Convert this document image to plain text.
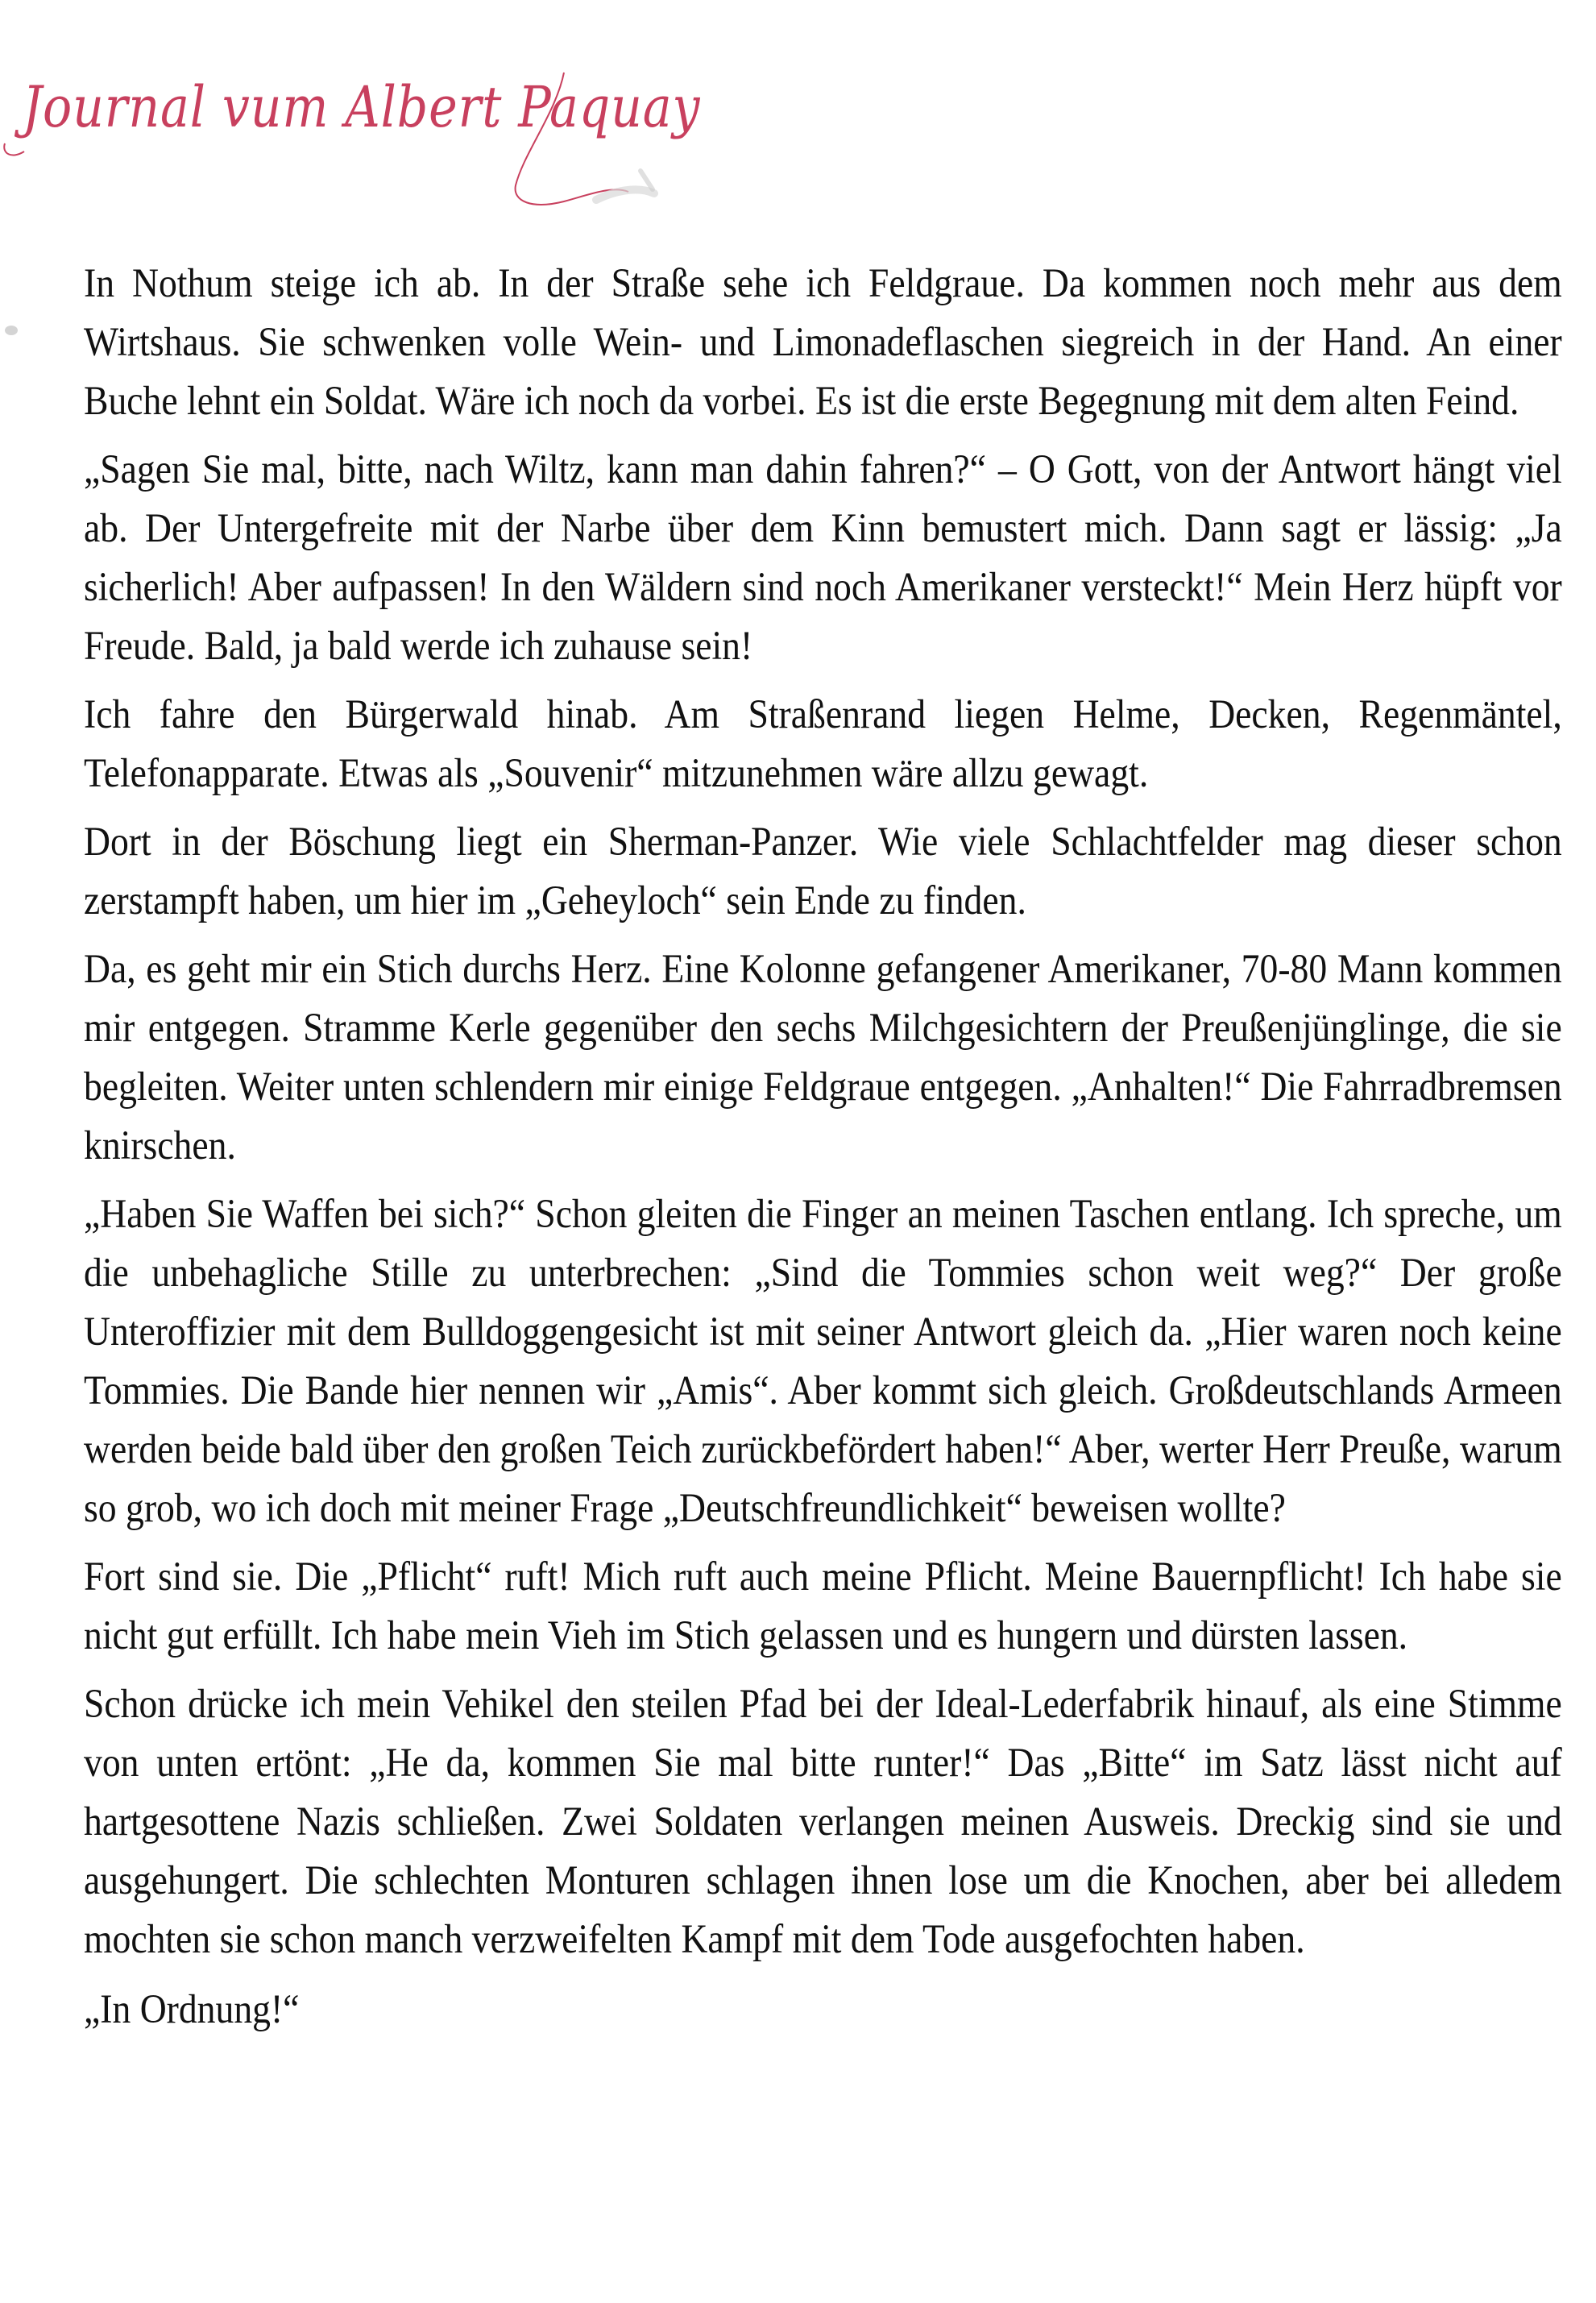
Journal vum Albert Paquay

In Nothum steige ich ab. In der Straße sehe ich Feldgraue. Da kommen noch mehr aus dem Wirtshaus. Sie schwenken volle Wein- und Limonadeflaschen siegreich in der Hand. An einer Buche lehnt ein Soldat. Wäre ich noch da vorbei. Es ist die erste Begegnung mit dem alten Feind.

„Sagen Sie mal, bitte, nach Wiltz, kann man dahin fahren?“ – O Gott, von der Antwort hängt viel ab. Der Untergefreite mit der Narbe über dem Kinn bemustert mich. Dann sagt er lässig: „Ja sicherlich! Aber aufpassen! In den Wäldern sind noch Amerikaner versteckt!“ Mein Herz hüpft vor Freude. Bald, ja bald werde ich zuhause sein!

Ich fahre den Bürgerwald hinab. Am Straßenrand liegen Helme, Decken, Regenmäntel, Telefonapparate. Etwas als „Souvenir“ mitzunehmen wäre allzu gewagt.

Dort in der Böschung liegt ein Sherman-Panzer. Wie viele Schlachtfelder mag dieser schon zerstampft haben, um hier im „Geheyloch“ sein Ende zu finden.

Da, es geht mir ein Stich durchs Herz. Eine Kolonne gefangener Amerikaner, 70-80 Mann kommen mir entgegen. Stramme Kerle gegenüber den sechs Milchgesichtern der Preußenjünglinge, die sie begleiten. Weiter unten schlendern mir einige Feldgraue entgegen. „Anhalten!“ Die Fahrradbremsen knirschen.

„Haben Sie Waffen bei sich?“ Schon gleiten die Finger an meinen Taschen entlang. Ich spreche, um die unbehagliche Stille zu unterbrechen: „Sind die Tommies schon weit weg?“ Der große Unteroffizier mit dem Bulldoggengesicht ist mit seiner Antwort gleich da. „Hier waren noch keine Tommies. Die Bande hier nennen wir „Amis“. Aber kommt sich gleich. Großdeutschlands Armeen werden beide bald über den großen Teich zurückbefördert haben!“ Aber, werter Herr Preuße, warum so grob, wo ich doch mit meiner Frage „Deutschfreundlichkeit“ beweisen wollte?

Fort sind sie. Die „Pflicht“ ruft! Mich ruft auch meine Pflicht. Meine Bauernpflicht! Ich habe sie nicht gut erfüllt. Ich habe mein Vieh im Stich gelassen und es hungern und dürsten lassen.

Schon drücke ich mein Vehikel den steilen Pfad bei der Ideal-Lederfabrik hinauf, als eine Stimme von unten ertönt: „He da, kommen Sie mal bitte runter!“ Das „Bitte“ im Satz lässt nicht auf hartgesottene Nazis schließen. Zwei Soldaten verlangen meinen Ausweis. Dreckig sind sie und ausgehungert. Die schlechten Monturen schlagen ihnen lose um die Knochen, aber bei alledem mochten sie schon manch verzweifelten Kampf mit dem Tode ausgefochten haben.

„In Ordnung!“
